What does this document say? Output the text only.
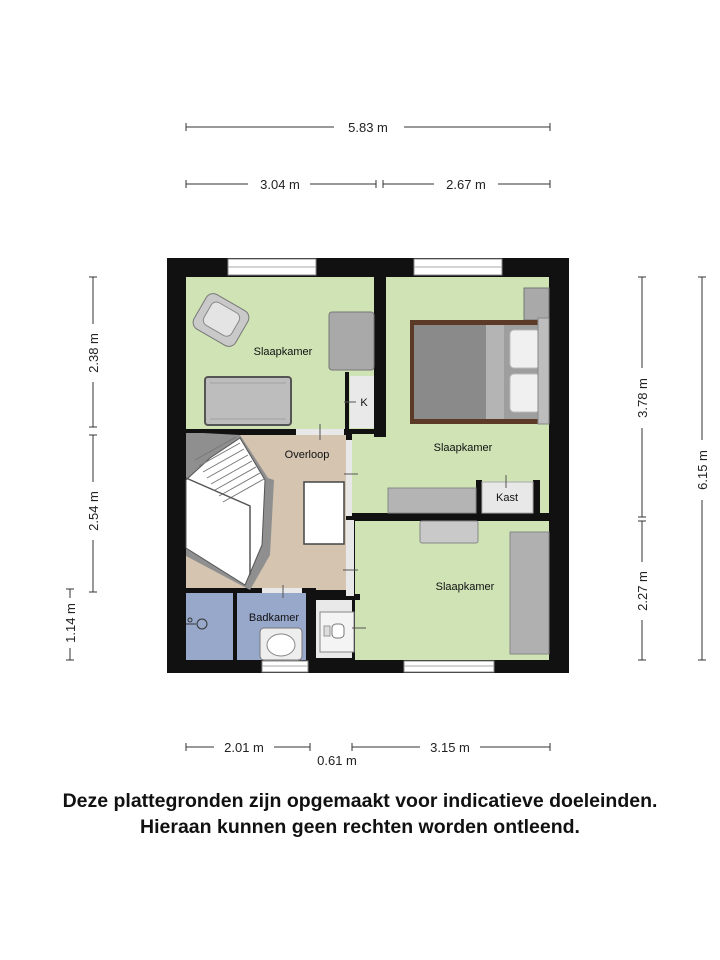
5.83 m
3.04 m	2.67 m
2.38 m
2.54 m
1.14 m
3.78 m
2.27 m
6.15 m
2.01 m
0.61 m
3.15 m
Slaapkamer
Slaapkamer
Slaapkamer
Overloop
Badkamer
K
Kast
Deze plattegronden zijn opgemaakt voor indicatieve doeleinden.
Hieraan kunnen geen rechten worden ontleend.
